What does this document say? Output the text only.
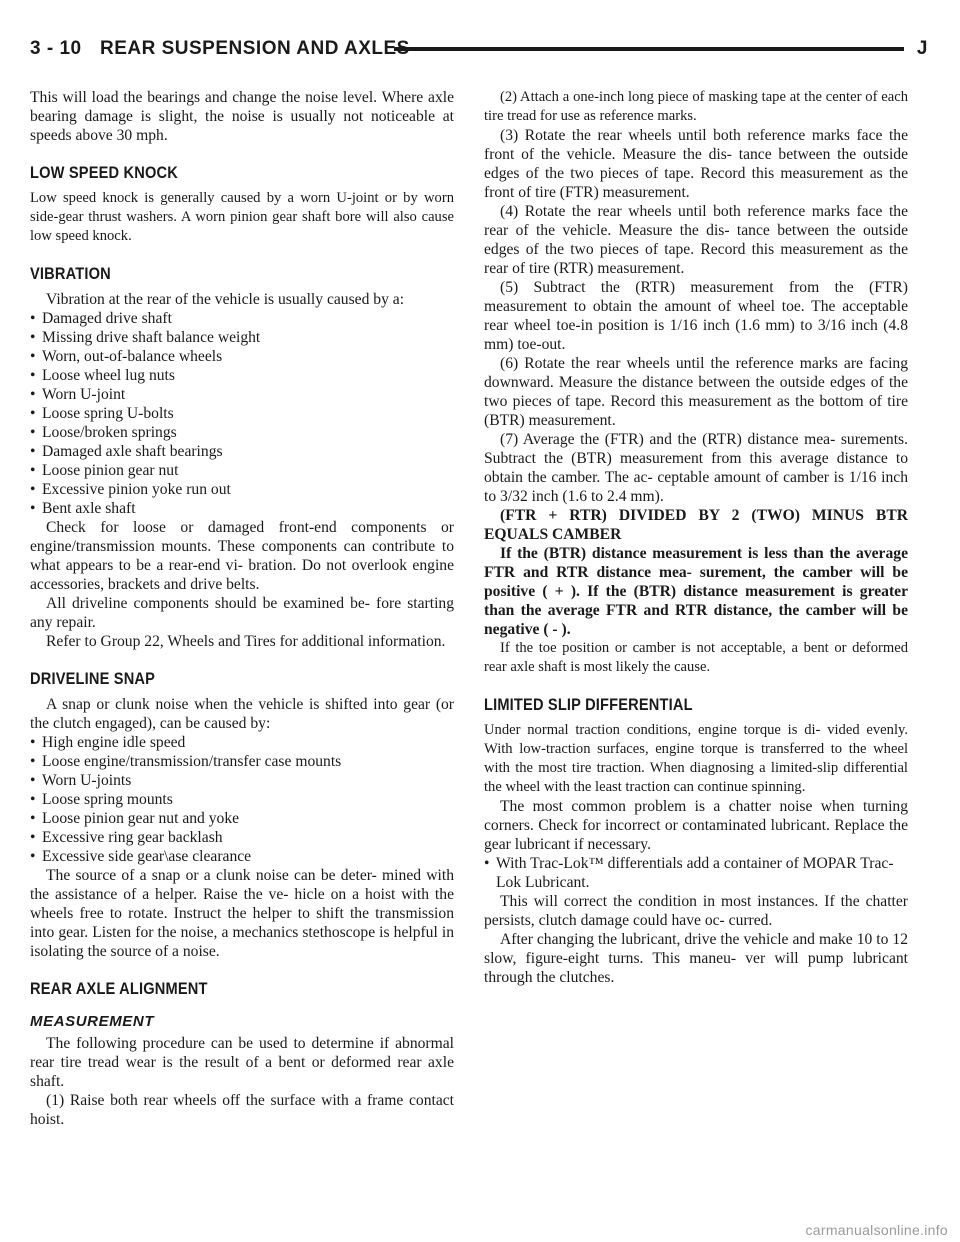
3 - 10 REAR SUSPENSION AND AXLES	J

This will load the bearings and change the noise level. Where axle bearing damage is slight, the noise is usually not noticeable at speeds above 30 mph.

LOW SPEED KNOCK

Low speed knock is generally caused by a worn U-joint or by worn side-gear thrust washers. A worn pinion gear shaft bore will also cause low speed knock.

VIBRATION

Vibration at the rear of the vehicle is usually caused by a:

• Damaged drive shaft
• Missing drive shaft balance weight
• Worn, out-of-balance wheels
• Loose wheel lug nuts
• Worn U-joint
• Loose spring U-bolts
• Loose/broken springs
• Damaged axle shaft bearings
• Loose pinion gear nut
• Excessive pinion yoke run out
• Bent axle shaft

Check for loose or damaged front-end components or engine/transmission mounts. These components can contribute to what appears to be a rear-end vi- bration. Do not overlook engine accessories, brackets and drive belts.

All driveline components should be examined be- fore starting any repair.

Refer to Group 22, Wheels and Tires for additional information.

DRIVELINE SNAP

A snap or clunk noise when the vehicle is shifted into gear (or the clutch engaged), can be caused by:

• High engine idle speed
• Loose engine/transmission/transfer case mounts
• Worn U-joints
• Loose spring mounts
• Loose pinion gear nut and yoke
• Excessive ring gear backlash
• Excessive side gear\ase clearance

The source of a snap or a clunk noise can be deter- mined with the assistance of a helper. Raise the ve- hicle on a hoist with the wheels free to rotate. Instruct the helper to shift the transmission into gear. Listen for the noise, a mechanics stethoscope is helpful in isolating the source of a noise.

REAR AXLE ALIGNMENT
MEASUREMENT

The following procedure can be used to determine if abnormal rear tire tread wear is the result of a bent or deformed rear axle shaft.

(1) Raise both rear wheels off the surface with a frame contact hoist.

(2) Attach a one-inch long piece of masking tape at the center of each tire tread for use as reference marks.

(3) Rotate the rear wheels until both reference marks face the front of the vehicle. Measure the dis- tance between the outside edges of the two pieces of tape. Record this measurement as the front of tire (FTR) measurement.

(4) Rotate the rear wheels until both reference marks face the rear of the vehicle. Measure the dis- tance between the outside edges of the two pieces of tape. Record this measurement as the rear of tire (RTR) measurement.

(5) Subtract the (RTR) measurement from the (FTR) measurement to obtain the amount of wheel toe. The acceptable rear wheel toe-in position is 1/16 inch (1.6 mm) to 3/16 inch (4.8 mm) toe-out.

(6) Rotate the rear wheels until the reference marks are facing downward. Measure the distance between the outside edges of the two pieces of tape. Record this measurement as the bottom of tire (BTR) measurement.

(7) Average the (FTR) and the (RTR) distance mea- surements. Subtract the (BTR) measurement from this average distance to obtain the camber. The ac- ceptable amount of camber is 1/16 inch to 3/32 inch (1.6 to 2.4 mm).

(FTR + RTR) DIVIDED BY 2 (TWO) MINUS BTR EQUALS CAMBER

If the (BTR) distance measurement is less than the average FTR and RTR distance mea- surement, the camber will be positive ( + ). If the (BTR) distance measurement is greater than the average FTR and RTR distance, the camber will be negative ( - ).

If the toe position or camber is not acceptable, a bent or deformed rear axle shaft is most likely the cause.

LIMITED SLIP DIFFERENTIAL

Under normal traction conditions, engine torque is di- vided evenly. With low-traction surfaces, engine torque is transferred to the wheel with the most tire traction. When diagnosing a limited-slip differential the wheel with the least traction can continue spinning.

The most common problem is a chatter noise when turning corners. Check for incorrect or contaminated lubricant. Replace the gear lubricant if necessary.

• With Trac-Lok™ differentials add a container of MOPAR Trac-Lok Lubricant.

This will correct the condition in most instances. If the chatter persists, clutch damage could have oc- curred.

After changing the lubricant, drive the vehicle and make 10 to 12 slow, figure-eight turns. This maneu- ver will pump lubricant through the clutches.

carmanualsonline.info
